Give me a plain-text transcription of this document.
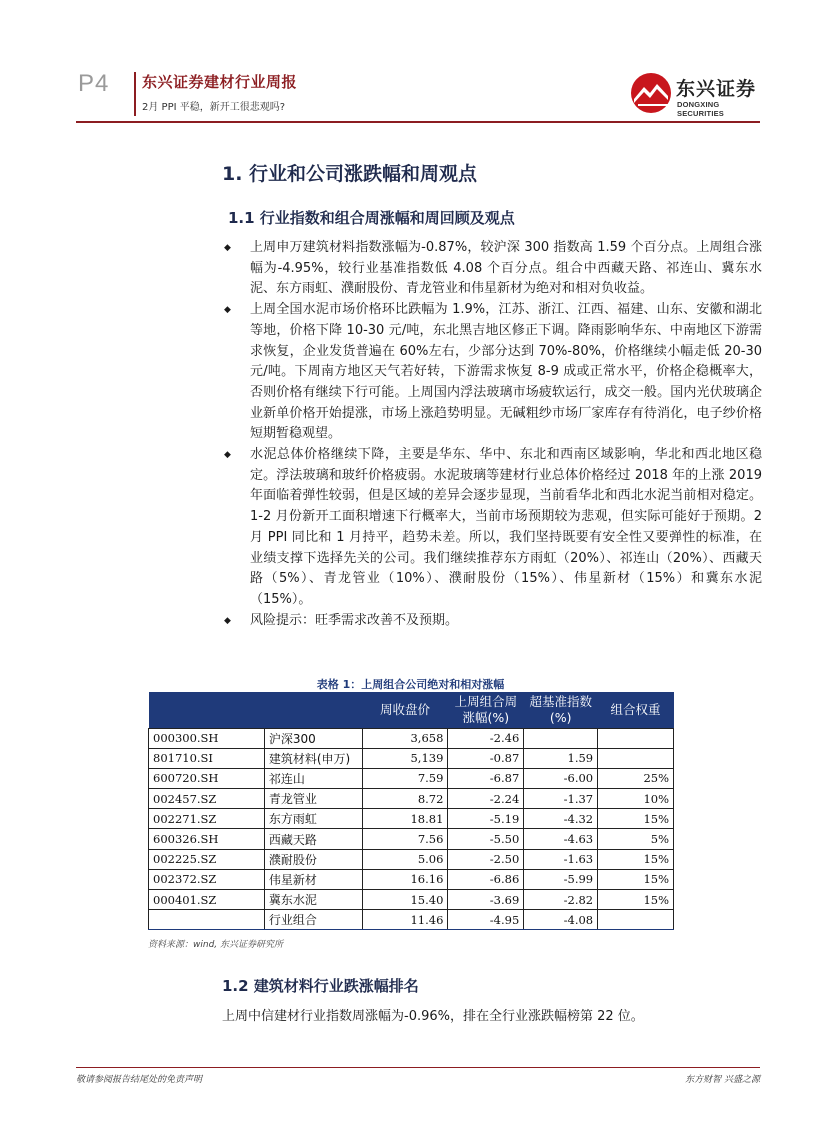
P4 东兴证券建材行业周报
2月 PPI 平稳，新开工很悲观吗?
东兴证券
DONGXING SECURITIES
1. 行业和公司涨跌幅和周观点
1.1 行业指数和组合周涨幅和周回顾及观点
◆ 上周申万建筑材料指数涨幅为-0.87%，较沪深 300 指数高 1.59 个百分点。上周组合涨幅为-4.95%，较行业基准指数低 4.08 个百分点。组合中西藏天路、祁连山、冀东水泥、东方雨虹、濮耐股份、青龙管业和伟星新材为绝对和相对负收益。
◆ 上周全国水泥市场价格环比跌幅为 1.9%，江苏、浙江、江西、福建、山东、安徽和湖北等地，价格下降 10-30 元/吨，东北黑吉地区修正下调。降雨影响华东、中南地区下游需求恢复，企业发货普遍在 60%左右，少部分达到 70%-80%，价格继续小幅走低 20-30 元/吨。下周南方地区天气若好转，下游需求恢复 8-9 成或正常水平，价格企稳概率大，否则价格有继续下行可能。上周国内浮法玻璃市场疲软运行，成交一般。国内光伏玻璃企业新单价格开始提涨，市场上涨趋势明显。无碱粗纱市场厂家库存有待消化，电子纱价格短期暂稳观望。
◆ 水泥总体价格继续下降，主要是华东、华中、东北和西南区域影响，华北和西北地区稳定。浮法玻璃和玻纤价格疲弱。水泥玻璃等建材行业总体价格经过 2018 年的上涨 2019 年面临着弹性较弱，但是区域的差异会逐步显现，当前看华北和西北水泥当前相对稳定。1-2 月份新开工面积增速下行概率大，当前市场预期较为悲观，但实际可能好于预期。2 月 PPI 同比和 1 月持平，趋势未差。所以，我们坚持既要有安全性又要弹性的标准，在业绩支撑下选择先关的公司。我们继续推荐东方雨虹（20%）、祁连山（20%）、西藏天路（5%）、青龙管业（10%）、濮耐股份（15%）、伟星新材（15%）和冀东水泥（15%）。
◆ 风险提示：旺季需求改善不及预期。
表格 1：上周组合公司绝对和相对涨幅
		周收盘价	上周组合周涨幅(%)	超基准指数(%)	组合权重
000300.SH	沪深300	3,658	-2.46		
801710.SI	建筑材料(申万)	5,139	-0.87	1.59	
600720.SH	祁连山	7.59	-6.87	-6.00	25%
002457.SZ	青龙管业	8.72	-2.24	-1.37	10%
002271.SZ	东方雨虹	18.81	-5.19	-4.32	15%
600326.SH	西藏天路	7.56	-5.50	-4.63	5%
002225.SZ	濮耐股份	5.06	-2.50	-1.63	15%
002372.SZ	伟星新材	16.16	-6.86	-5.99	15%
000401.SZ	冀东水泥	15.40	-3.69	-2.82	15%
	行业组合	11.46	-4.95	-4.08	
资料来源：wind, 东兴证券研究所
1.2 建筑材料行业跌涨幅排名
上周中信建材行业指数周涨幅为-0.96%，排在全行业涨跌幅榜第 22 位。
敬请参阅报告结尾处的免责声明	东方财智 兴盛之源
